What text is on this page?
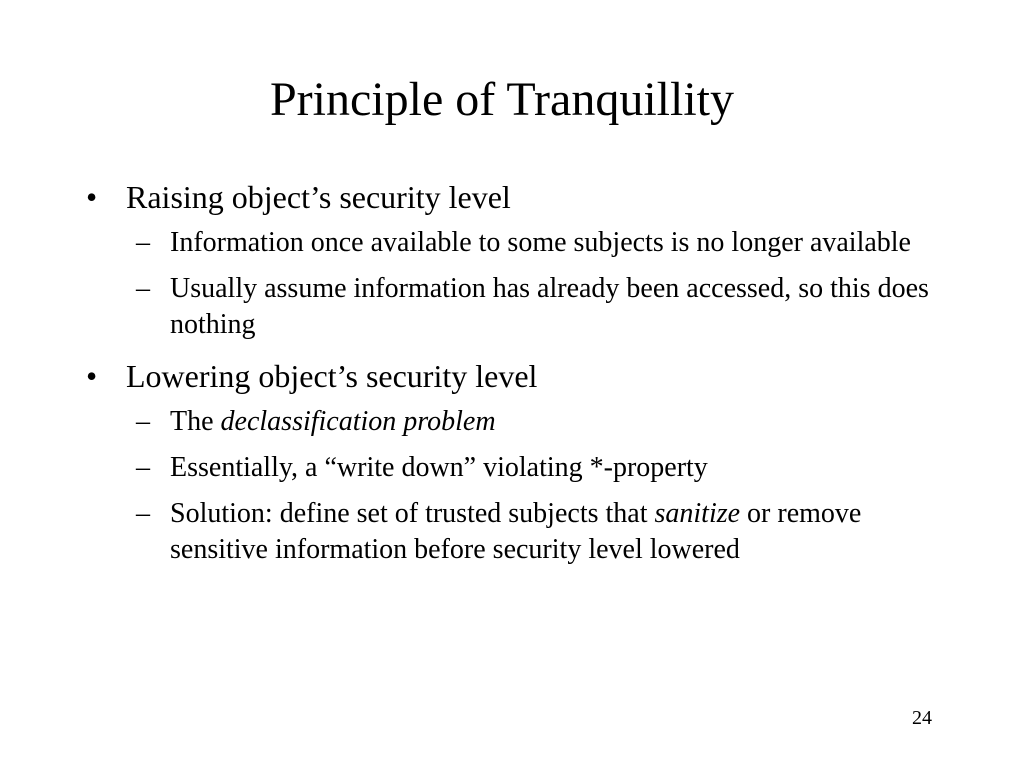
Principle of Tranquillity
• Raising object’s security level
– Information once available to some subjects is no longer available
– Usually assume information has already been accessed, so this does nothing
• Lowering object’s security level
– The declassification problem
– Essentially, a “write down” violating *-property
– Solution: define set of trusted subjects that sanitize or remove sensitive information before security level lowered
24
